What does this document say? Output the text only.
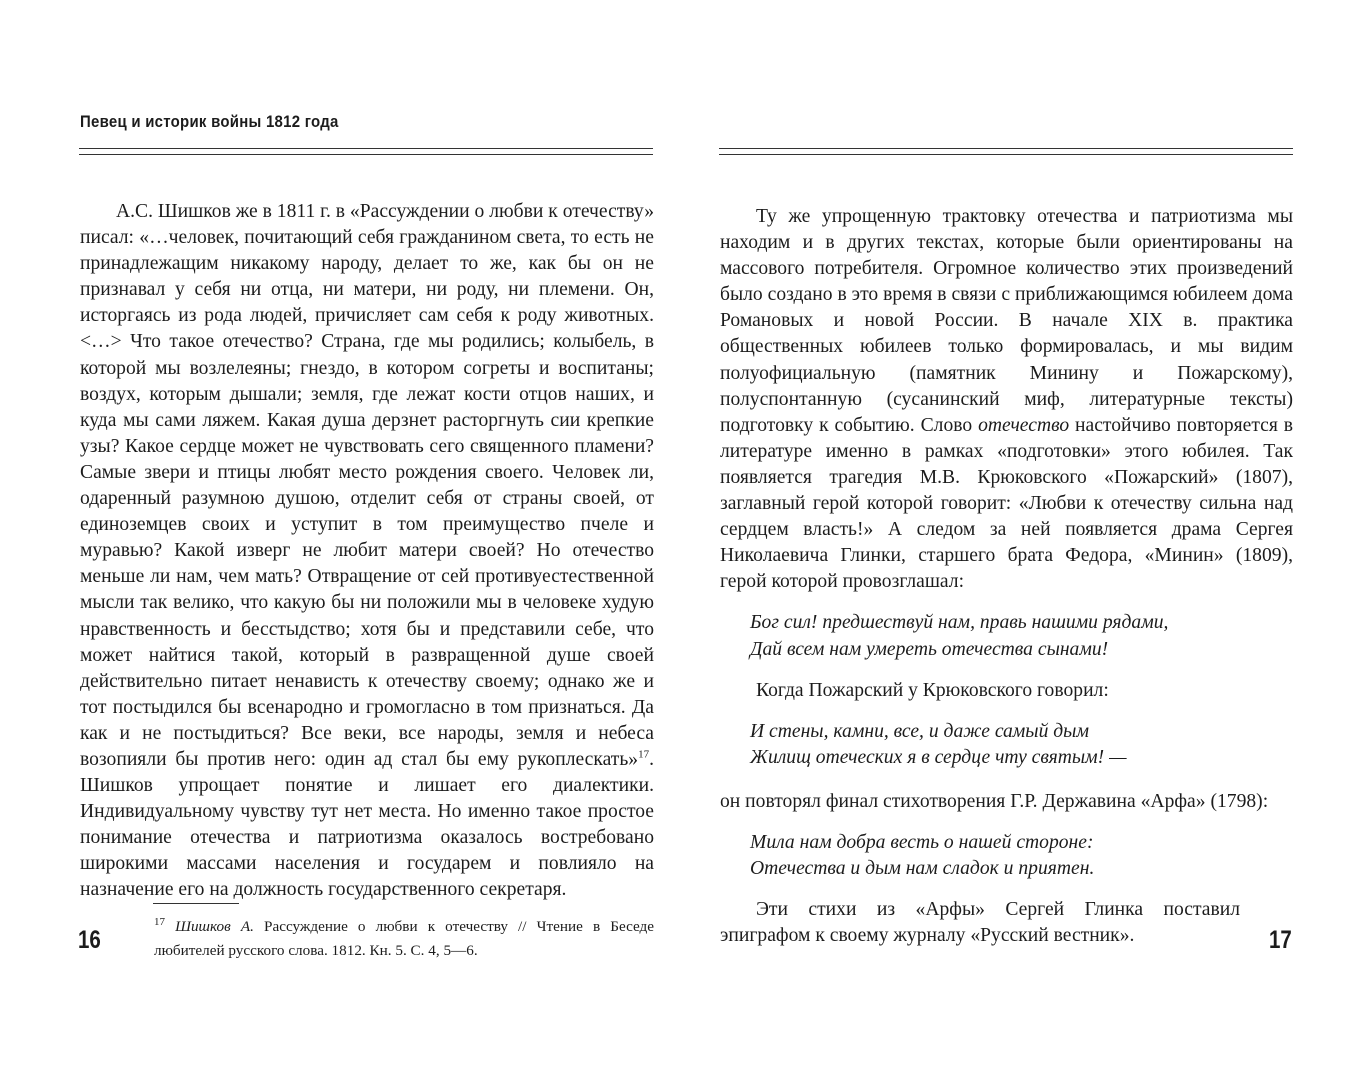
Певец и историк войны 1812 года

А.С. Шишков же в 1811 г. в «Рассуждении о любви к отечеству» писал: «…человек, почитающий себя гражданином света, то есть не принадлежащим никакому народу, делает то же, как бы он не признавал у себя ни отца, ни матери, ни роду, ни племени. Он, исторгаясь из рода людей, причисляет сам себя к роду животных. <…> Что такое отечество? Страна, где мы родились; колыбель, в которой мы возлелеяны; гнездо, в котором согреты и воспитаны; воздух, которым дышали; земля, где лежат кости отцов наших, и куда мы сами ляжем. Какая душа дерзнет расторгнуть сии крепкие узы? Какое сердце может не чувствовать сего священного пламени? Самые звери и птицы любят место рождения своего. Человек ли, одаренный разумною душою, отделит себя от страны своей, от единоземцев своих и уступит в том преимущество пчеле и муравью? Какой изверг не любит матери своей? Но отечество меньше ли нам, чем мать? Отвращение от сей противуестественной мысли так велико, что какую бы ни положили мы в человеке худую нравственность и бесстыдство; хотя бы и представили себе, что может найтися такой, который в развращенной душе своей действительно питает ненависть к отечеству своему; однако же и тот постыдился бы всенародно и громогласно в том признаться. Да как и не постыдиться? Все веки, все народы, земля и небеса возопияли бы против него: один ад стал бы ему рукоплескать»$^{17}$. Шишков упрощает понятие и лишает его диалектики. Индивидуальному чувству тут нет места. Но именно такое простое понимание отечества и патриотизма оказалось востребовано широкими массами населения и государем и повлияло на назначение его на должность государственного секретаря.

$^{17}$ Шишков А. Рассуждение о любви к отечеству // Чтение в Беседе любителей русского слова. 1812. Кн. 5. С. 4, 5—6.
16

Ту же упрощенную трактовку отечества и патриотизма мы находим и в других текстах, которые были ориентированы на массового потребителя. Огромное количество этих произведений было создано в это время в связи с приближающимся юбилеем дома Романовых и новой России. В начале XIX в. практика общественных юбилеев только формировалась, и мы видим полуофициальную (памятник Минину и Пожарскому), полуспонтанную (сусанинский миф, литературные тексты) подготовку к событию. Слово отечество настойчиво повторяется в литературе именно в рамках «подготовки» этого юбилея. Так появляется трагедия М.В. Крюковского «Пожарский» (1807), заглавный герой которой говорит: «Любви к отечеству сильна над сердцем власть!» А следом за ней появляется драма Сергея Николаевича Глинки, старшего брата Федора, «Минин» (1809), герой которой провозглашал:

Бог сил! предшествуй нам, правь нашими рядами,
Дай всем нам умереть отечества сынами!

Когда Пожарский у Крюковского говорил:

И стены, камни, все, и даже самый дым
Жилищ отеческих я в сердце чту святым! —

он повторял финал стихотворения Г.Р. Державина «Арфа» (1798):

Мила нам добра весть о нашей стороне:
Отечества и дым нам сладок и приятен.

Эти стихи из «Арфы» Сергей Глинка поставил эпиграфом к своему журналу «Русский вестник».	17
